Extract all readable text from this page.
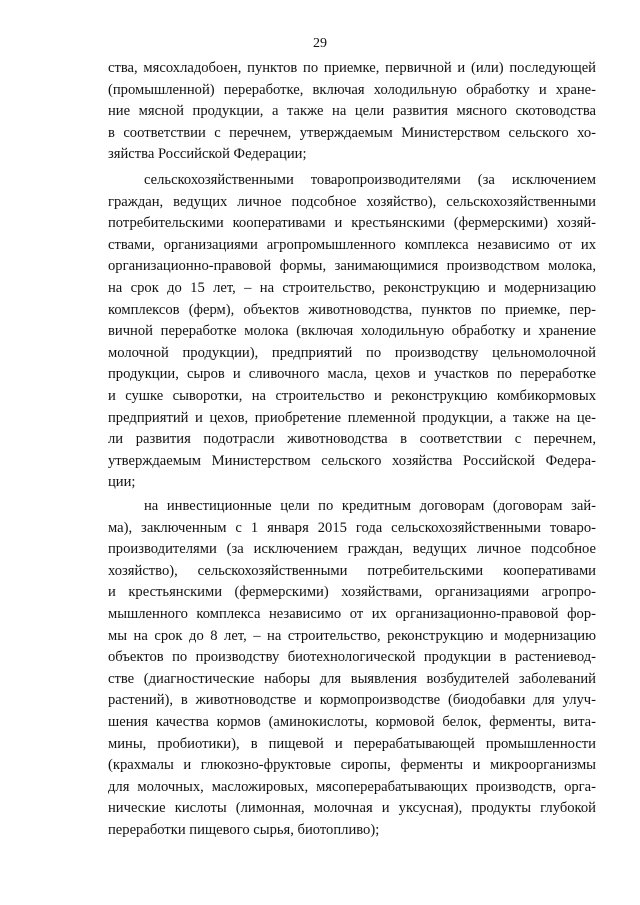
29
ства, мясохладобоен, пунктов по приемке, первичной и (или) последующей
(промышленной) переработке, включая холодильную обработку и хране-
ние мясной продукции, а также на цели развития мясного скотоводства
в соответствии с перечнем, утверждаемым Министерством сельского хо-
зяйства Российской Федерации;
сельскохозяйственными товаропроизводителями (за исключением
граждан, ведущих личное подсобное хозяйство), сельскохозяйственными
потребительскими кооперативами и крестьянскими (фермерскими) хозяй-
ствами, организациями агропромышленного комплекса независимо от их
организационно-правовой формы, занимающимися производством молока,
на срок до 15 лет, – на строительство, реконструкцию и модернизацию
комплексов (ферм), объектов животноводства, пунктов по приемке, пер-
вичной переработке молока (включая холодильную обработку и хранение
молочной продукции), предприятий по производству цельномолочной
продукции, сыров и сливочного масла, цехов и участков по переработке
и сушке сыворотки, на строительство и реконструкцию комбикормовых
предприятий и цехов, приобретение племенной продукции, а также на це-
ли развития подотрасли животноводства в соответствии с перечнем,
утверждаемым Министерством сельского хозяйства Российской Федера-
ции;
на инвестиционные цели по кредитным договорам (договорам зай-
ма), заключенным с 1 января 2015 года сельскохозяйственными товаро-
производителями (за исключением граждан, ведущих личное подсобное
хозяйство), сельскохозяйственными потребительскими кооперативами
и крестьянскими (фермерскими) хозяйствами, организациями агропро-
мышленного комплекса независимо от их организационно-правовой фор-
мы на срок до 8 лет, – на строительство, реконструкцию и модернизацию
объектов по производству биотехнологической продукции в растениевод-
стве (диагностические наборы для выявления возбудителей заболеваний
растений), в животноводстве и кормопроизводстве (биодобавки для улуч-
шения качества кормов (аминокислоты, кормовой белок, ферменты, вита-
мины, пробиотики), в пищевой и перерабатывающей промышленности
(крахмалы и глюкозно-фруктовые сиропы, ферменты и микроорганизмы
для молочных, масложировых, мясоперерабатывающих производств, орга-
нические кислоты (лимонная, молочная и уксусная), продукты глубокой
переработки пищевого сырья, биотопливо);
